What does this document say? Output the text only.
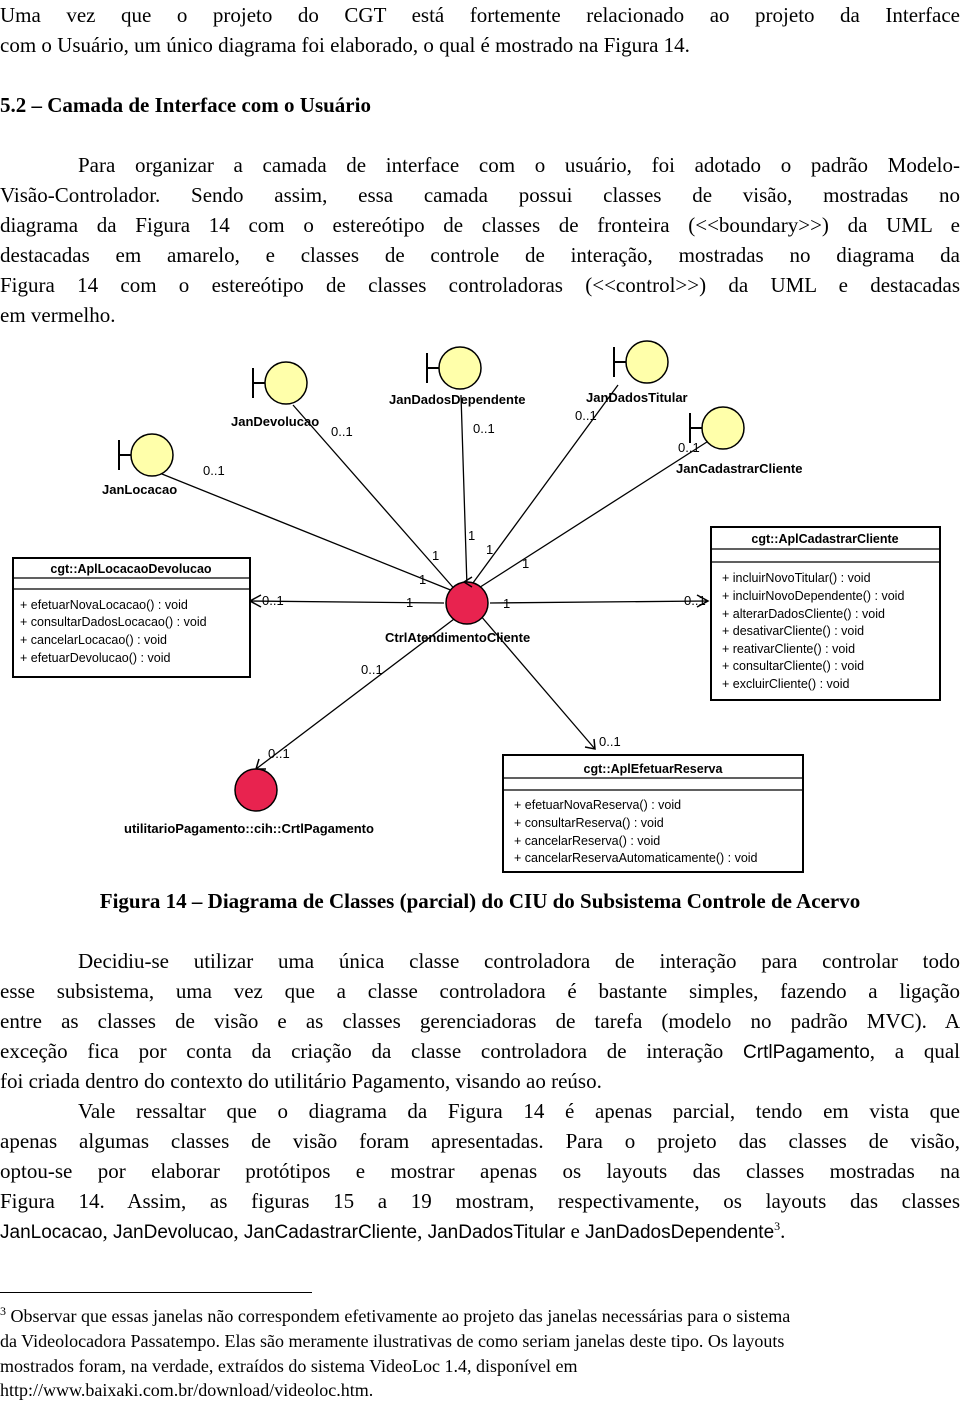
Uma vez que o projeto do CGT está fortemente relacionado ao projeto da Interface
com o Usuário, um único diagrama foi elaborado, o qual é mostrado na Figura 14.
5.2 – Camada de Interface com o Usuário
Para organizar a camada de interface com o usuário, foi adotado o padrão Modelo-
Visão-Controlador. Sendo assim, essa camada possui classes de visão, mostradas no
diagrama da Figura 14 com o estereótipo de classes de fronteira (<<boundary>>) da UML e
destacadas em amarelo, e classes de controle de interação, mostradas no diagrama da
Figura 14 com o estereótipo de classes controladoras (<<control>>) da UML e destacadas
em vermelho.
JanLocacao
JanDevolucao
JanDadosDependente	JanDadosTitular
JanCadastrarCliente
CtrlAtendimentoCliente
utilitarioPagamento::cih::CrtlPagamento
cgt::AplLocacaoDevolucao
+ efetuarNovaLocacao() : void
+ consultarDadosLocacao() : void
+ cancelarLocacao() : void
+ efetuarDevolucao() : void
cgt::AplCadastrarCliente
+ incluirNovoTitular() : void
+ incluirNovoDependente() : void
+ alterarDadosCliente() : void
+ desativarCliente() : void
+ reativarCliente() : void
+ consultarCliente() : void
+ excluirCliente() : void
cgt::AplEfetuarReserva
+ efetuarNovaReserva() : void
+ consultarReserva() : void
+ cancelarReserva() : void
+ cancelarReservaAutomaticamente() : void
0..1
0..1	0..1
0..1
0..1
0..1	0..1
0..1
0..1
0..1
1
1	1
1
1
1	1
Figura 14 – Diagrama de Classes (parcial) do CIU do Subsistema Controle de Acervo
Decidiu-se utilizar uma única classe controladora de interação para controlar todo
esse subsistema, uma vez que a classe controladora é bastante simples, fazendo a ligação
entre as classes de visão e as classes gerenciadoras de tarefa (modelo no padrão MVC). A
exceção fica por conta da criação da classe controladora de interação CrtlPagamento, a qual
foi criada dentro do contexto do utilitário Pagamento, visando ao reúso.
Vale ressaltar que o diagrama da Figura 14 é apenas parcial, tendo em vista que
apenas algumas classes de visão foram apresentadas. Para o projeto das classes de visão,
optou-se por elaborar protótipos e mostrar apenas os layouts das classes mostradas na
Figura 14. Assim, as figuras 15 a 19 mostram, respectivamente, os layouts das classes
JanLocacao, JanDevolucao, JanCadastrarCliente, JanDadosTitular e JanDadosDependente$^3$.
$^3$ Observar que essas janelas não correspondem efetivamente ao projeto das janelas necessárias para o sistema
da Videolocadora Passatempo. Elas são meramente ilustrativas de como seriam janelas deste tipo. Os layouts
mostrados foram, na verdade, extraídos do sistema VideoLoc 1.4, disponível em
http://www.baixaki.com.br/download/videoloc.htm.
